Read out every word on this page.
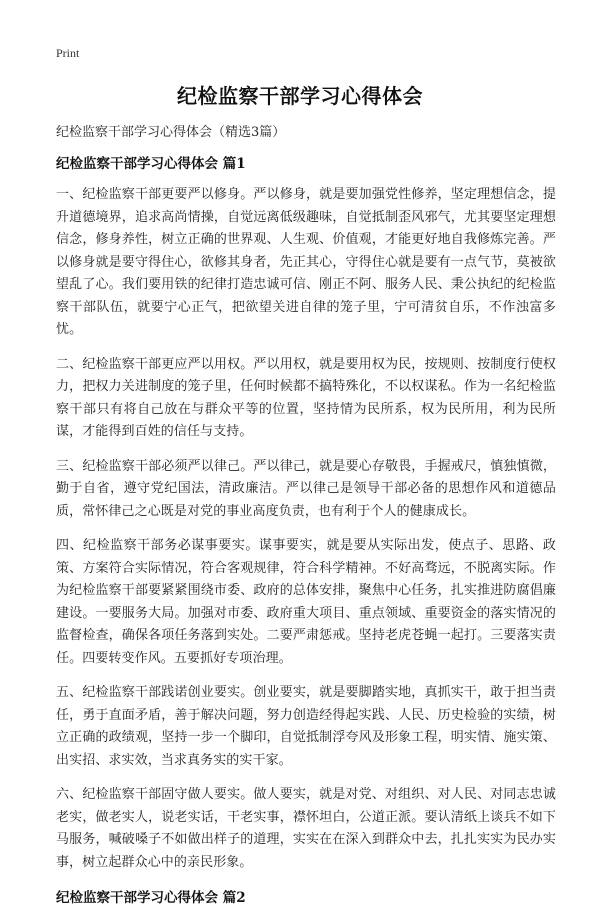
Print
纪检监察干部学习心得体会
纪检监察干部学习心得体会（精选3篇）
纪检监察干部学习心得体会 篇1

一、纪检监察干部更要严以修身。严以修身，就是要加强党性修养，坚定理想信念，提升道德境界，追求高尚情操，自觉远离低级趣味，自觉抵制歪风邪气，尤其要坚定理想信念，修身养性，树立正确的世界观、人生观、价值观，才能更好地自我修炼完善。严以修身就是要守得住心，欲修其身者，先正其心，守得住心就是要有一点气节，莫被欲望乱了心。我们要用铁的纪律打造忠诚可信、刚正不阿、服务人民、秉公执纪的纪检监察干部队伍，就要宁心正气，把欲望关进自律的笼子里，宁可清贫自乐，不作浊富多忧。

二、纪检监察干部更应严以用权。严以用权，就是要用权为民，按规则、按制度行使权力，把权力关进制度的笼子里，任何时候都不搞特殊化，不以权谋私。作为一名纪检监察干部只有将自己放在与群众平等的位置，坚持情为民所系，权为民所用，利为民所谋，才能得到百姓的信任与支持。

三、纪检监察干部必须严以律己。严以律己，就是要心存敬畏，手握戒尺，慎独慎微，勤于自省，遵守党纪国法，清政廉洁。严以律己是领导干部必备的思想作风和道德品质，常怀律己之心既是对党的事业高度负责，也有利于个人的健康成长。

四、纪检监察干部务必谋事要实。谋事要实，就是要从实际出发，使点子、思路、政策、方案符合实际情况，符合客观规律，符合科学精神。不好高骛远，不脱离实际。作为纪检监察干部要紧紧围绕市委、政府的总体安排，聚焦中心任务，扎实推进防腐倡廉建设。一要服务大局。加强对市委、政府重大项目、重点领域、重要资金的落实情况的监督检查，确保各项任务落到实处。二要严肃惩戒。坚持老虎苍蝇一起打。三要落实责任。四要转变作风。五要抓好专项治理。

五、纪检监察干部践诺创业要实。创业要实，就是要脚踏实地，真抓实干，敢于担当责任，勇于直面矛盾，善于解决问题，努力创造经得起实践、人民、历史检验的实绩，树立正确的政绩观，坚持一步一个脚印，自觉抵制浮夸风及形象工程，明实情、施实策、出实招、求实效，当求真务实的实干家。

六、纪检监察干部固守做人要实。做人要实，就是对党、对组织、对人民、对同志忠诚老实，做老实人，说老实话，干老实事，襟怀坦白，公道正派。要认清纸上谈兵不如下马服务，喊破嗓子不如做出样子的道理，实实在在深入到群众中去，扎扎实实为民办实事，树立起群众心中的亲民形象。

纪检监察干部学习心得体会 篇2
